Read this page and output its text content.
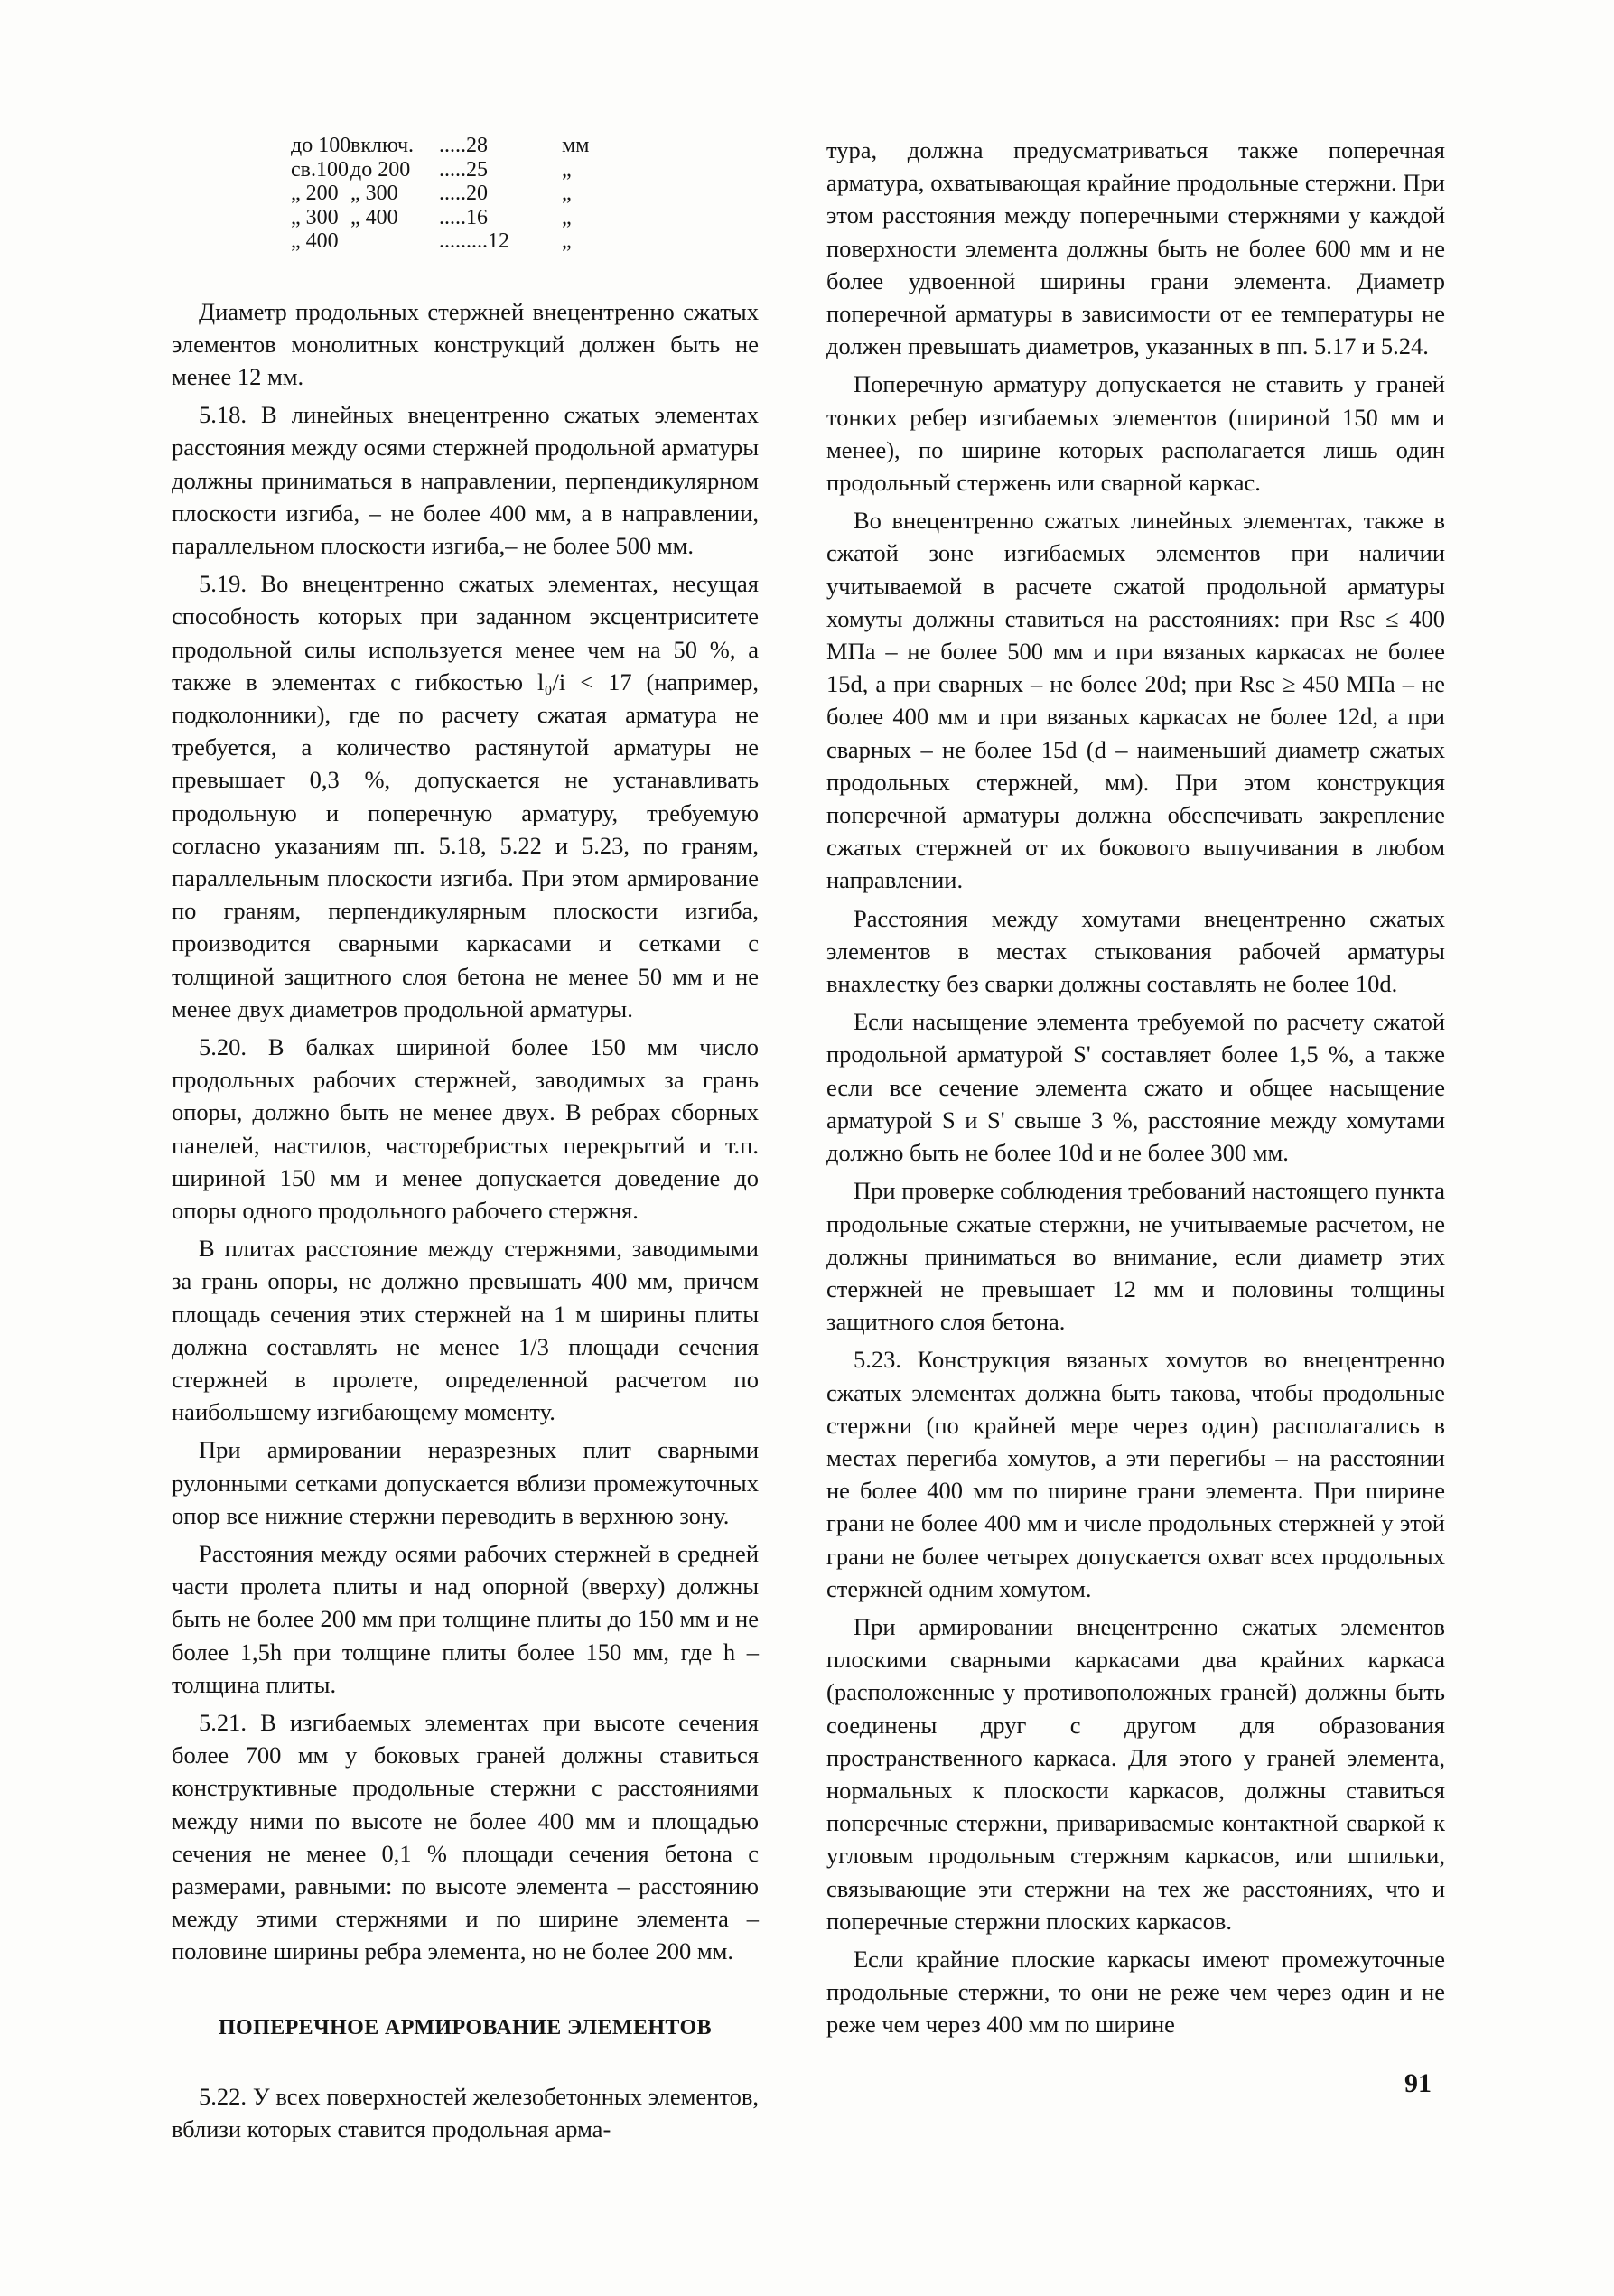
до 100 включ.	.....28	мм
св.100 до 200	.....25	„
„ 200 „ 300	.....20	„
„ 300 „ 400	.....16	„
„ 400	.........12	„

Диаметр продольных стержней внецентренно сжатых элементов монолитных конструкций должен быть не менее 12 мм.

5.18. В линейных внецентренно сжатых элементах расстояния между осями стержней продольной арматуры должны приниматься в направлении, перпендикулярном плоскости изгиба, – не более 400 мм, а в направлении, параллельном плоскости изгиба,– не более 500 мм.

5.19. Во внецентренно сжатых элементах, несущая способность которых при заданном эксцентриситете продольной силы используется менее чем на 50 %, а также в элементах с гибкостью l₀/i < 17 (например, подколонники), где по расчету сжатая арматура не требуется, а количество растянутой арматуры не превышает 0,3 %, допускается не устанавливать продольную и поперечную арматуру, требуемую согласно указаниям пп. 5.18, 5.22 и 5.23, по граням, параллельным плоскости изгиба. При этом армирование по граням, перпендикулярным плоскости изгиба, производится сварными каркасами и сетками с толщиной защитного слоя бетона не менее 50 мм и не менее двух диаметров продольной арматуры.

5.20. В балках шириной более 150 мм число продольных рабочих стержней, заводимых за грань опоры, должно быть не менее двух. В ребрах сборных панелей, настилов, часторебристых перекрытий и т.п. шириной 150 мм и менее допускается доведение до опоры одного продольного рабочего стержня.

В плитах расстояние между стержнями, заводимыми за грань опоры, не должно превышать 400 мм, причем площадь сечения этих стержней на 1 м ширины плиты должна составлять не менее 1/3 площади сечения стержней в пролете, определенной расчетом по наибольшему изгибающему моменту.

При армировании неразрезных плит сварными рулонными сетками допускается вблизи промежуточных опор все нижние стержни переводить в верхнюю зону.

Расстояния между осями рабочих стержней в средней части пролета плиты и над опорной (вверху) должны быть не более 200 мм при толщине плиты до 150 мм и не более 1,5h при толщине плиты более 150 мм, где h – толщина плиты.

5.21. В изгибаемых элементах при высоте сечения более 700 мм у боковых граней должны ставиться конструктивные продольные стержни с расстояниями между ними по высоте не более 400 мм и площадью сечения не менее 0,1 % площади сечения бетона с размерами, равными: по высоте элемента – расстоянию между этими стержнями и по ширине элемента – половине ширины ребра элемента, но не более 200 мм.

ПОПЕРЕЧНОЕ АРМИРОВАНИЕ ЭЛЕМЕНТОВ

5.22. У всех поверхностей железобетонных элементов, вблизи которых ставится продольная арма-

тура, должна предусматриваться также поперечная арматура, охватывающая крайние продольные стержни. При этом расстояния между поперечными стержнями у каждой поверхности элемента должны быть не более 600 мм и не более удвоенной ширины грани элемента. Диаметр поперечной арматуры в зависимости от ее температуры не должен превышать диаметров, указанных в пп. 5.17 и 5.24.

Поперечную арматуру допускается не ставить у граней тонких ребер изгибаемых элементов (шириной 150 мм и менее), по ширине которых располагается лишь один продольный стержень или сварной каркас.

Во внецентренно сжатых линейных элементах, также в сжатой зоне изгибаемых элементов при наличии учитываемой в расчете сжатой продольной арматуры хомуты должны ставиться на расстояниях: при Rsc ≤ 400 МПа – не более 500 мм и при вязаных каркасах не более 15d, а при сварных – не более 20d; при Rsc ≥ 450 МПа – не более 400 мм и при вязаных каркасах не более 12d, а при сварных – не более 15d (d – наименьший диаметр сжатых продольных стержней, мм). При этом конструкция поперечной арматуры должна обеспечивать закрепление сжатых стержней от их бокового выпучивания в любом направлении.

Расстояния между хомутами внецентренно сжатых элементов в местах стыкования рабочей арматуры внахлестку без сварки должны составлять не более 10d.

Если насыщение элемента требуемой по расчету сжатой продольной арматурой S' составляет более 1,5 %, а также если все сечение элемента сжато и общее насыщение арматурой S и S' свыше 3 %, расстояние между хомутами должно быть не более 10d и не более 300 мм.

При проверке соблюдения требований настоящего пункта продольные сжатые стержни, не учитываемые расчетом, не должны приниматься во внимание, если диаметр этих стержней не превышает 12 мм и половины толщины защитного слоя бетона.

5.23. Конструкция вязаных хомутов во внецентренно сжатых элементах должна быть такова, чтобы продольные стержни (по крайней мере через один) располагались в местах перегиба хомутов, а эти перегибы – на расстоянии не более 400 мм по ширине грани элемента. При ширине грани не более 400 мм и числе продольных стержней у этой грани не более четырех допускается охват всех продольных стержней одним хомутом.

При армировании внецентренно сжатых элементов плоскими сварными каркасами два крайних каркаса (расположенные у противоположных граней) должны быть соединены друг с другом для образования пространственного каркаса. Для этого у граней элемента, нормальных к плоскости каркасов, должны ставиться поперечные стержни, привариваемые контактной сваркой к угловым продольным стержням каркасов, или шпильки, связывающие эти стержни на тех же расстояниях, что и поперечные стержни плоских каркасов.

Если крайние плоские каркасы имеют промежуточные продольные стержни, то они не реже чем через один и не реже чем через 400 мм по ширине

91
